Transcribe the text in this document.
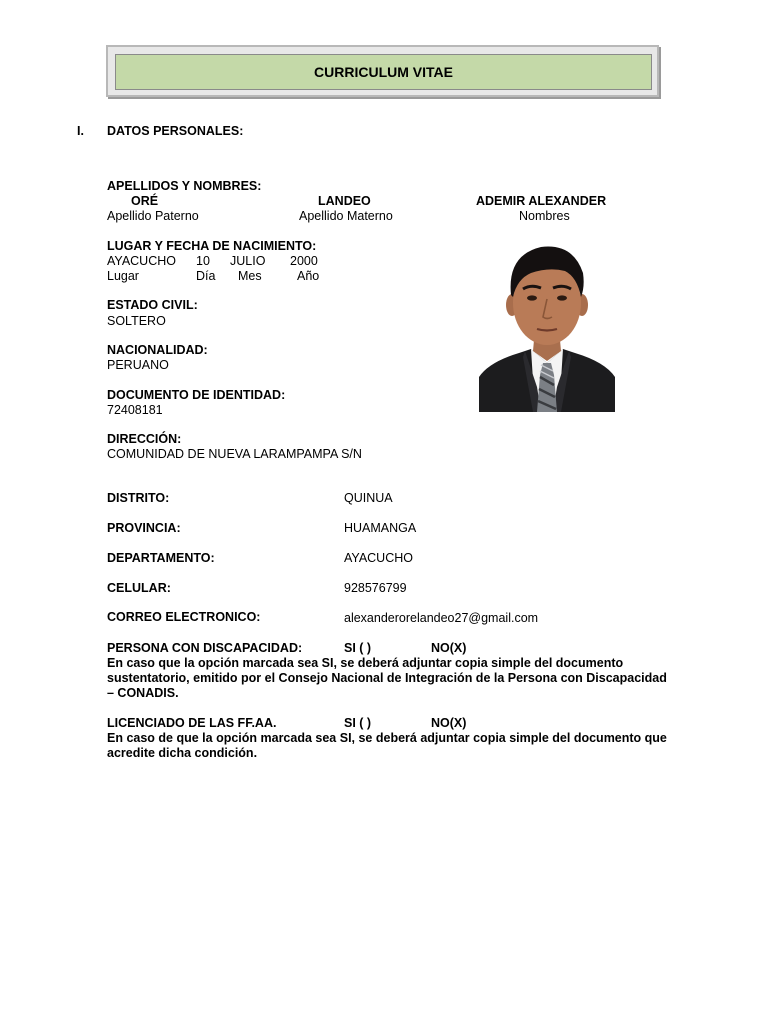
CURRICULUM VITAE
I. DATOS PERSONALES:
APELLIDOS Y NOMBRES:
ORÉ	LANDEO	ADEMIR ALEXANDER
Apellido Paterno	Apellido Materno	Nombres
LUGAR Y FECHA DE NACIMIENTO:
AYACUCHO 10 JULIO 2000
Lugar	Día Mes	Año
ESTADO CIVIL:
SOLTERO
NACIONALIDAD:
PERUANO
DOCUMENTO DE IDENTIDAD:
72408181
DIRECCIÓN:
COMUNIDAD DE NUEVA LARAMPAMPA S/N
DISTRITO:	QUINUA
PROVINCIA:	HUAMANGA
DEPARTAMENTO:	AYACUCHO
CELULAR:	928576799
CORREO ELECTRONICO:	alexanderorelandeo27@gmail.com
PERSONA CON DISCAPACIDAD:	SI ( )	NO(X)
En caso que la opción marcada sea SI, se deberá adjuntar copia simple del documento sustentatorio, emitido por el Consejo Nacional de Integración de la Persona con Discapacidad – CONADIS.
LICENCIADO DE LAS FF.AA.	SI ( )	NO(X)
En caso de que la opción marcada sea SI, se deberá adjuntar copia simple del documento que acredite dicha condición.
